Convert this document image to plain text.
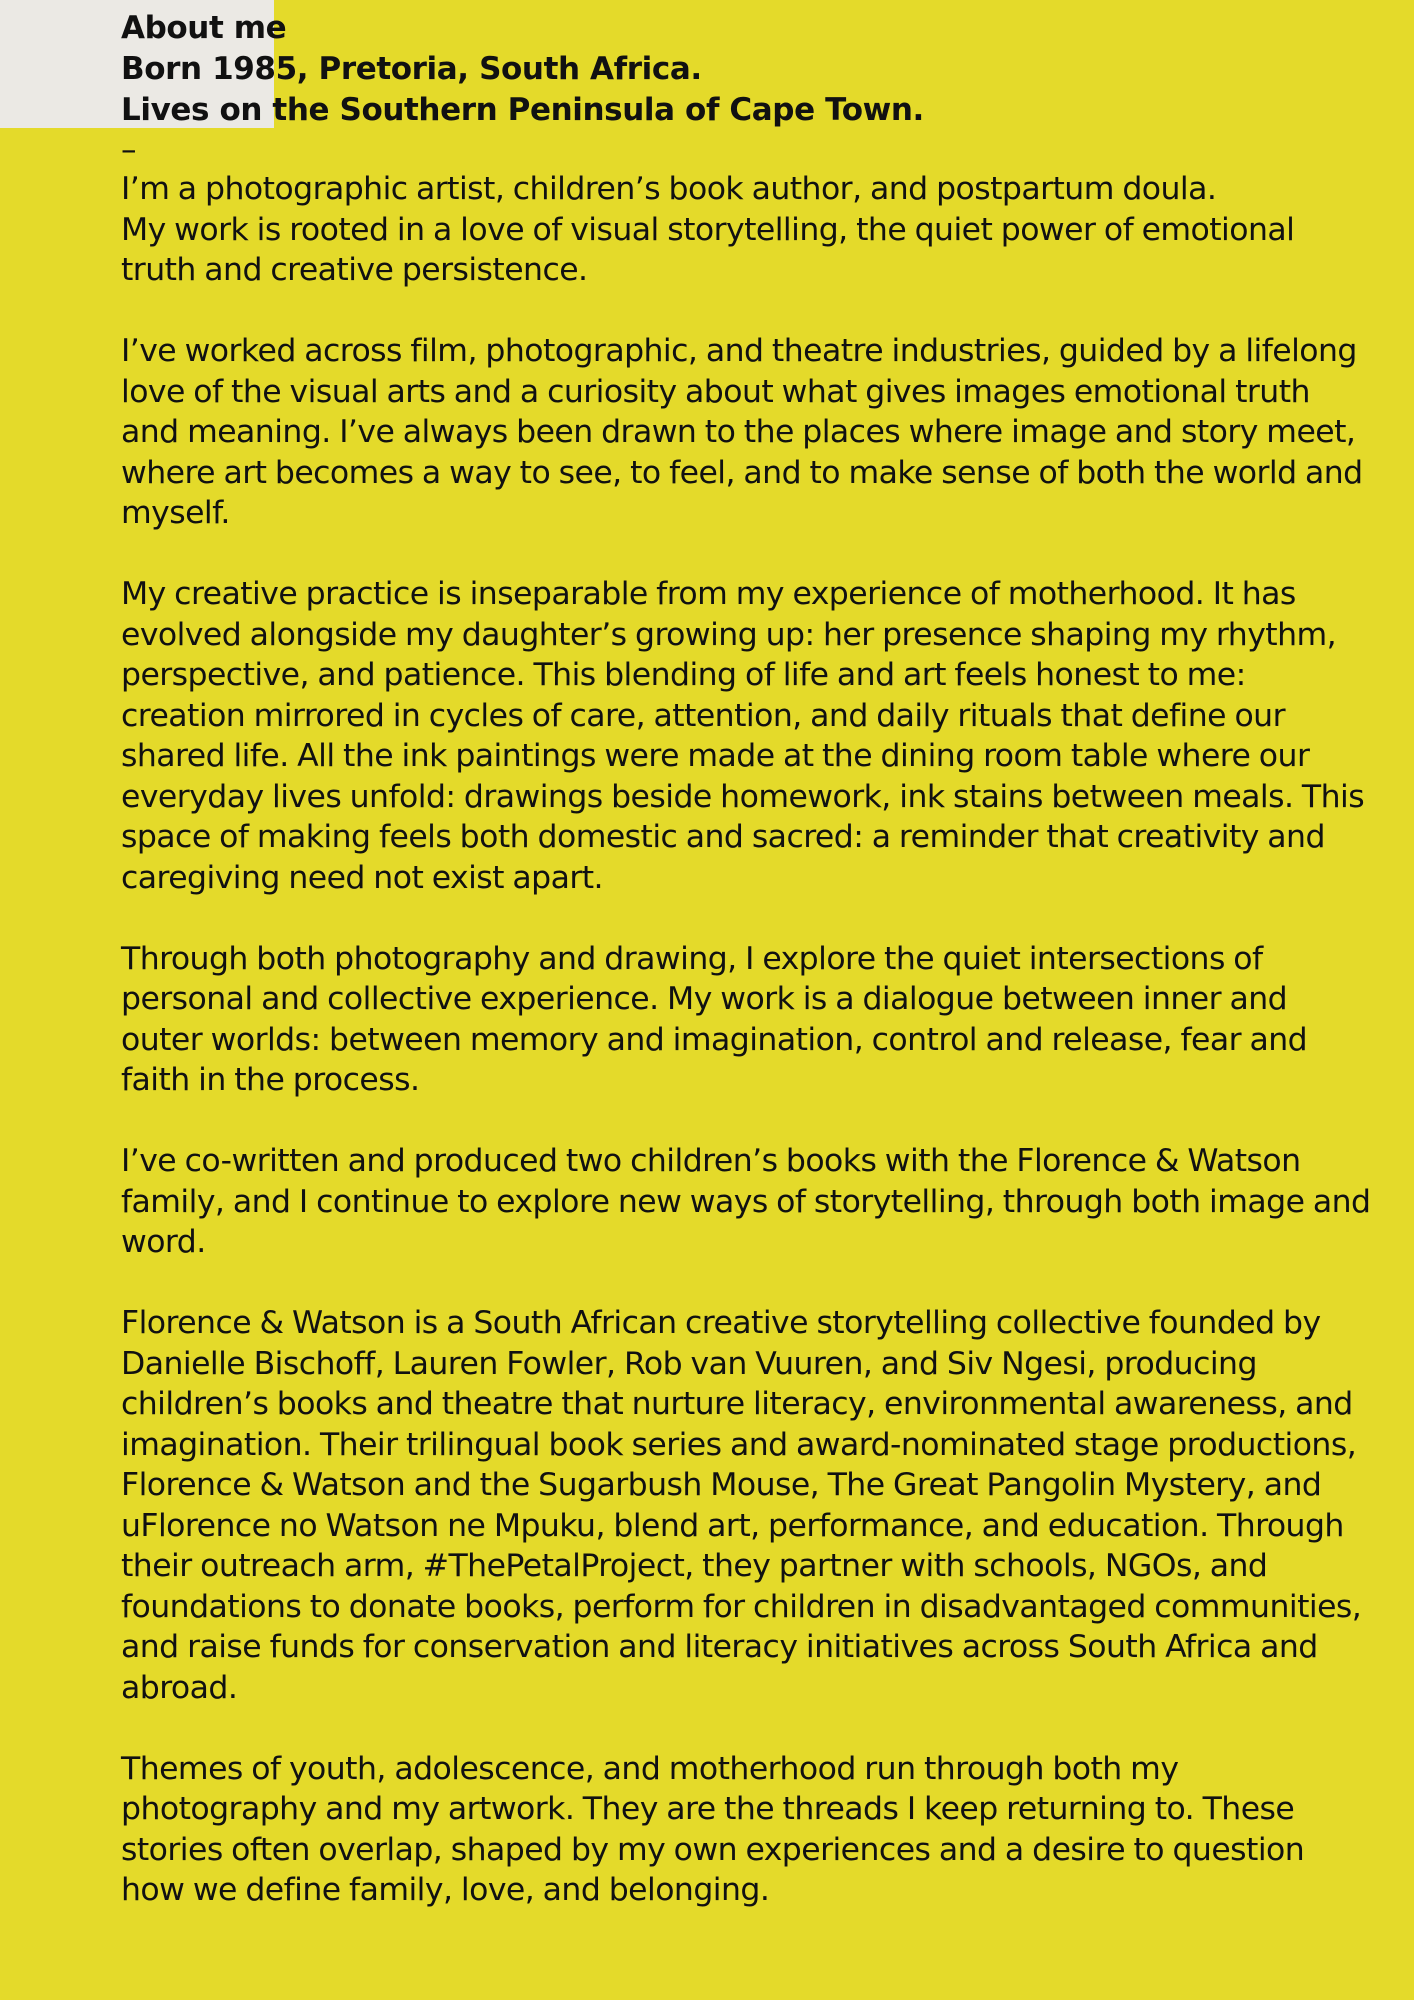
About me

Born 1985, Pretoria, South Africa.

Lives on the Southern Peninsula of Cape Town.

–

I’m a photographic artist, children’s book author, and postpartum doula.
My work is rooted in a love of visual storytelling, the quiet power of emotional truth and creative persistence.

I’ve worked across film, photographic, and theatre industries, guided by a lifelong love of the visual arts and a curiosity about what gives images emotional truth and meaning. I’ve always been drawn to the places where image and story meet, where art becomes a way to see, to feel, and to make sense of both the world and myself.

My creative practice is inseparable from my experience of motherhood. It has evolved alongside my daughter’s growing up: her presence shaping my rhythm, perspective, and patience. This blending of life and art feels honest to me: creation mirrored in cycles of care, attention, and daily rituals that define our shared life. All the ink paintings were made at the dining room table where our everyday lives unfold: drawings beside homework, ink stains between meals. This space of making feels both domestic and sacred: a reminder that creativity and caregiving need not exist apart.

Through both photography and drawing, I explore the quiet intersections of personal and collective experience. My work is a dialogue between inner and outer worlds: between memory and imagination, control and release, fear and faith in the process.

I’ve co-written and produced two children’s books with the Florence & Watson family, and I continue to explore new ways of storytelling, through both image and word.

Florence & Watson is a South African creative storytelling collective founded by Danielle Bischoff, Lauren Fowler, Rob van Vuuren, and Siv Ngesi, producing children’s books and theatre that nurture literacy, environmental awareness, and imagination. Their trilingual book series and award-nominated stage productions, Florence & Watson and the Sugarbush Mouse, The Great Pangolin Mystery, and uFlorence no Watson ne Mpuku, blend art, performance, and education. Through their outreach arm, #ThePetalProject, they partner with schools, NGOs, and foundations to donate books, perform for children in disadvantaged communities, and raise funds for conservation and literacy initiatives across South Africa and abroad.

Themes of youth, adolescence, and motherhood run through both my photography and my artwork. They are the threads I keep returning to. These stories often overlap, shaped by my own experiences and a desire to question how we define family, love, and belonging.
